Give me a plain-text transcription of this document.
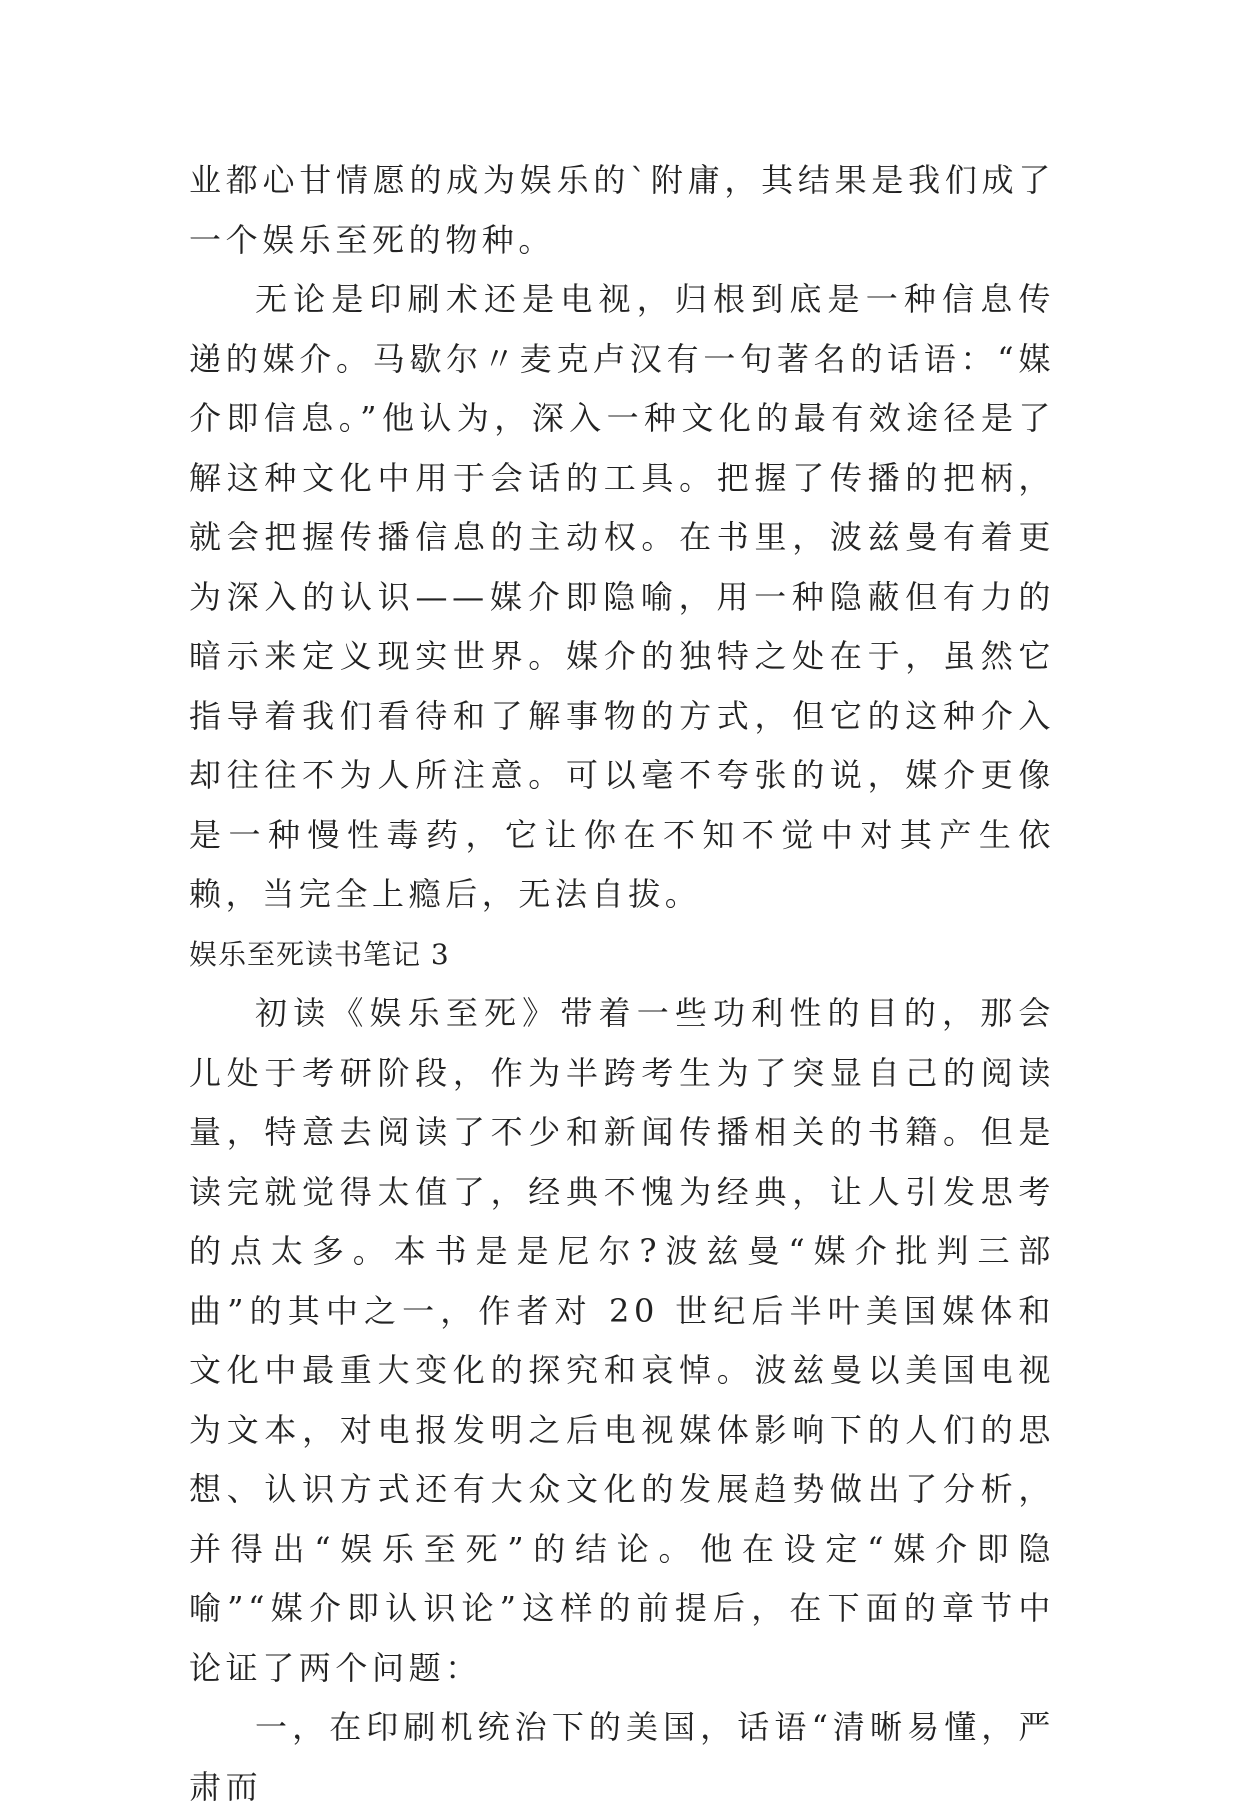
业都心甘情愿的成为娱乐的`附庸，其结果是我们成了一个娱乐至死的物种。

无论是印刷术还是电视，归根到底是一种信息传递的媒介。马歇尔〃麦克卢汉有一句著名的话语：“媒介即信息。”他认为，深入一种文化的最有效途径是了解这种文化中用于会话的工具。把握了传播的把柄，就会把握传播信息的主动权。在书里，波兹曼有着更为深入的认识——媒介即隐喻，用一种隐蔽但有力的暗示来定义现实世界。媒介的独特之处在于，虽然它指导着我们看待和了解事物的方式，但它的这种介入却往往不为人所注意。可以毫不夸张的说，媒介更像是一种慢性毒药，它让你在不知不觉中对其产生依赖，当完全上瘾后，无法自拔。

娱乐至死读书笔记 3

初读《娱乐至死》带着一些功利性的目的，那会儿处于考研阶段，作为半跨考生为了突显自己的阅读量，特意去阅读了不少和新闻传播相关的书籍。但是读完就觉得太值了，经典不愧为经典，让人引发思考的点太多。本书是是尼尔?波兹曼“媒介批判三部曲”的其中之一，作者对 20 世纪后半叶美国媒体和文化中最重大变化的探究和哀悼。波兹曼以美国电视为文本，对电报发明之后电视媒体影响下的人们的思想、认识方式还有大众文化的发展趋势做出了分析，并得出“娱乐至死”的结论。他在设定“媒介即隐喻”“媒介即认识论”这样的前提后，在下面的章节中论证了两个问题：

一，在印刷机统治下的美国，话语“清晰易懂，严肃而
